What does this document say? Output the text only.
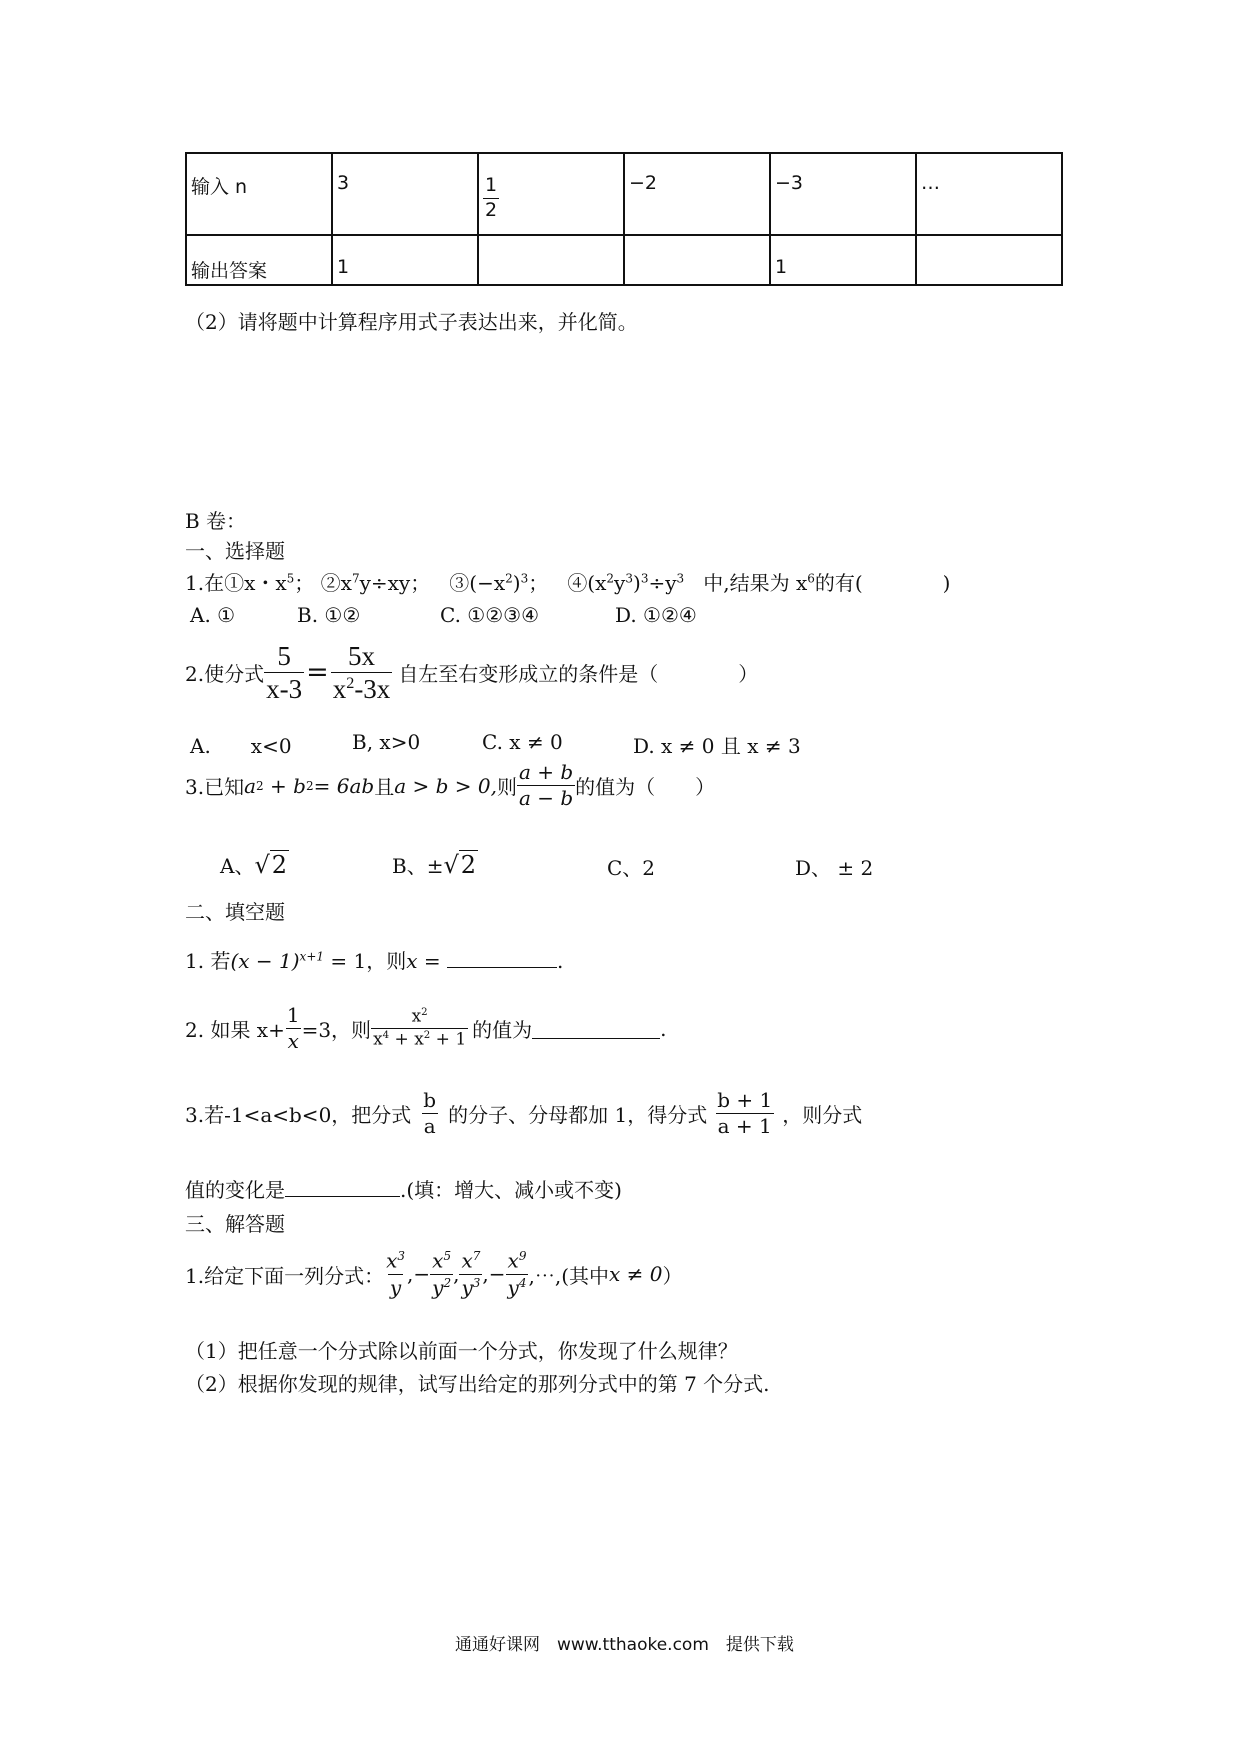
输入 n	3	$\frac{1}{2}$	−2	−3	…
输出答案	1			1	
（2）请将题中计算程序用式子表达出来，并化简。
B 卷：
一、选择题
1.在①x・$x^5$； $②x^7y\div xy$； $③(-x^2)^3$； $④(x^2y^3)^3\div y^3$ 中,结果为 $x^6$的有(　　　　)
A. ①	B. ①②	C. ①②③④	D. ①②④
2.使分式 $\frac{5}{x-3} = \frac{5x}{x^2-3x}$ 自左至右变形成立的条件是（　　　　）
A.　　x<0	B, x>0	C. x ≠ 0	D. x ≠ 0 且 x ≠ 3
3.已知 a 2 + b 2 = 6ab 且 a > b > 0, 则 $\frac{a + b}{a - b}$ 的值为（　　）
A、√2	B、±√2	C、2	D、 ± 2
二、填空题
1. 若$(x - 1)^{x+1} = 1$，则x =	.
2. 如果 $x+ \frac{1}{x} =3$，则 $\frac{x^2}{x^4 + x^2 + 1}$ 的值为	.
3.若-1<a<b<0，把分式 $\frac{b}{a}$ 的分子、分母都加 1，得分式 $\frac{b + 1}{a + 1}$ ，则分式
值的变化是	.(填：增大、减小或不变)
三、解答题
1.给定下面一列分式： $\frac{x^3}{y}$ ,− $\frac{x^5}{y^2}$ , $\frac{x^7}{y^3}$ ,− $\frac{x^9}{y^4}$ ,⋯,(其中 x ≠ 0 ）
（1）把任意一个分式除以前面一个分式，你发现了什么规律？
（2）根据你发现的规律，试写出给定的那列分式中的第 7 个分式.
通通好课网　www.tthaoke.com　提供下载
